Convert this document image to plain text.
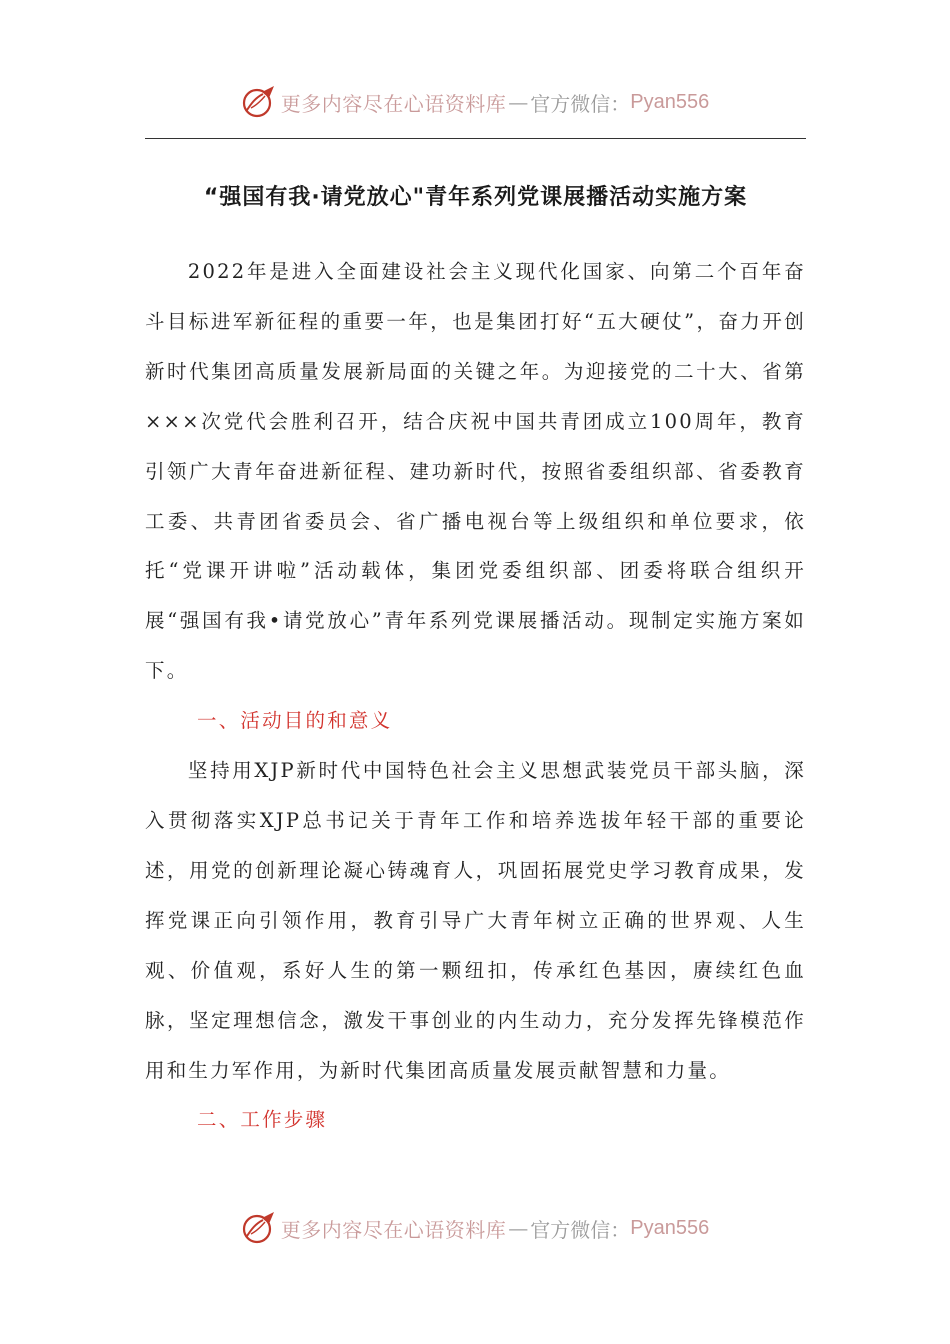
更多内容尽在心语资料库 — 官方微信： Pyan556
“强国有我·请党放心"青年系列党课展播活动实施方案

2022年是进入全面建设社会主义现代化国家、向第二个百年奋斗目标进军新征程的重要一年，也是集团打好“五大硬仗”，奋力开创新时代集团高质量发展新局面的关键之年。为迎接党的二十大、省第×××次党代会胜利召开，结合庆祝中国共青团成立100周年，教育引领广大青年奋进新征程、建功新时代，按照省委组织部、省委教育工委、共青团省委员会、省广播电视台等上级组织和单位要求，依托“党课开讲啦”活动载体，集团党委组织部、团委将联合组织开展“强国有我•请党放心”青年系列党课展播活动。现制定实施方案如下。

一、活动目的和意义

坚持用XJP新时代中国特色社会主义思想武装党员干部头脑，深入贯彻落实XJP总书记关于青年工作和培养选拔年轻干部的重要论述，用党的创新理论凝心铸魂育人，巩固拓展党史学习教育成果，发挥党课正向引领作用，教育引导广大青年树立正确的世界观、人生观、价值观，系好人生的第一颗纽扣，传承红色基因，赓续红色血脉，坚定理想信念，激发干事创业的内生动力，充分发挥先锋模范作用和生力军作用，为新时代集团高质量发展贡献智慧和力量。

二、工作步骤

更多内容尽在心语资料库 — 官方微信： Pyan556
